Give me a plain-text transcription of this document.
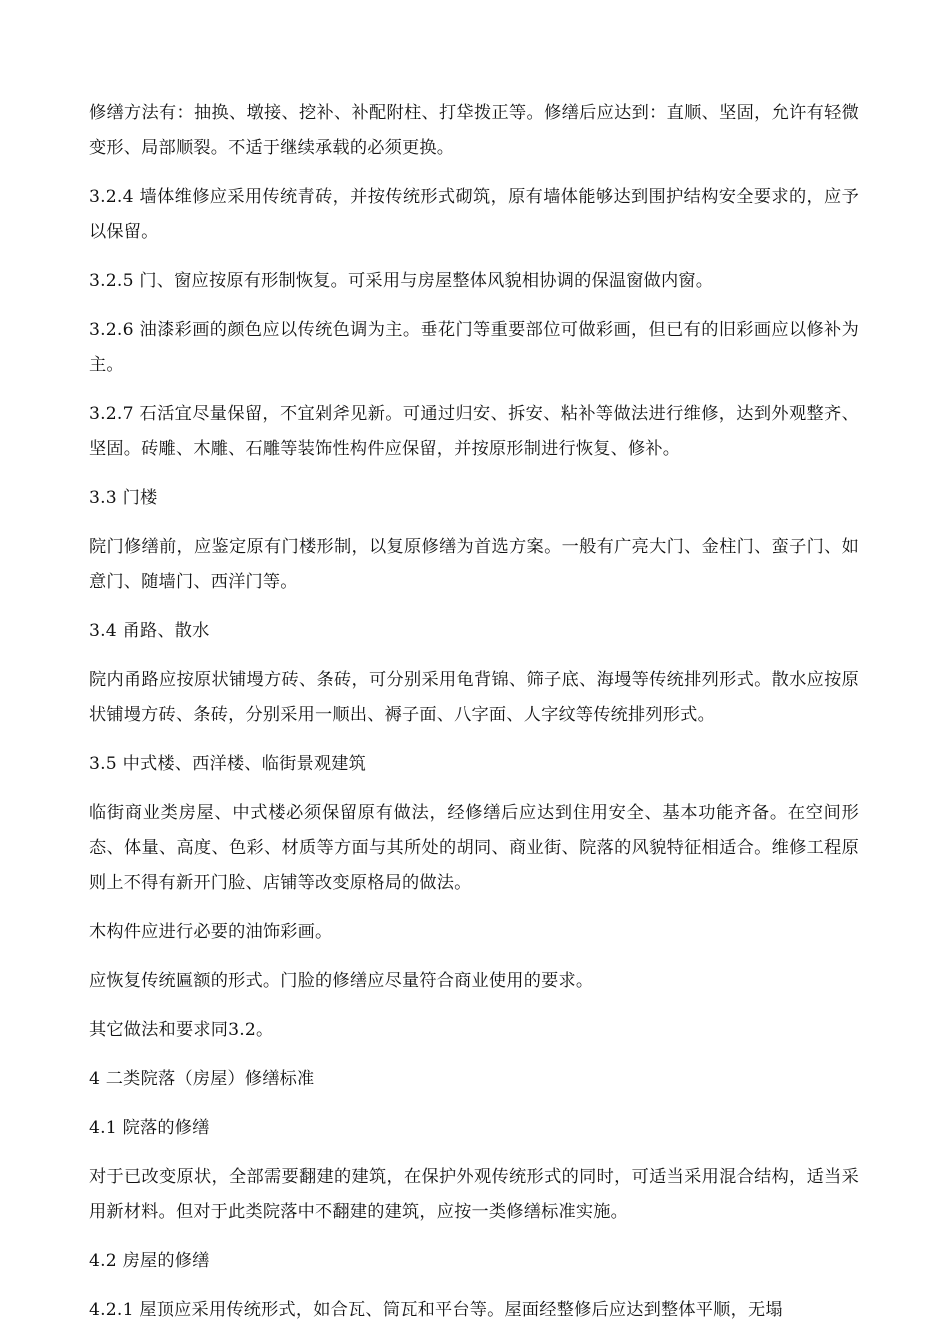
修缮方法有：抽换、墩接、挖补、补配附柱、打牮拨正等。修缮后应达到：直顺、坚固，允许有轻微变形、局部顺裂。不适于继续承载的必须更换。

3.2.4 墙体维修应采用传统青砖，并按传统形式砌筑，原有墙体能够达到围护结构安全要求的，应予以保留。

3.2.5 门、窗应按原有形制恢复。可采用与房屋整体风貌相协调的保温窗做内窗。

3.2.6 油漆彩画的颜色应以传统色调为主。垂花门等重要部位可做彩画，但已有的旧彩画应以修补为主。

3.2.7 石活宜尽量保留，不宜剁斧见新。可通过归安、拆安、粘补等做法进行维修，达到外观整齐、坚固。砖雕、木雕、石雕等装饰性构件应保留，并按原形制进行恢复、修补。

3.3 门楼

院门修缮前，应鉴定原有门楼形制，以复原修缮为首选方案。一般有广亮大门、金柱门、蛮子门、如意门、随墙门、西洋门等。

3.4 甬路、散水

院内甬路应按原状铺墁方砖、条砖，可分别采用龟背锦、筛子底、海墁等传统排列形式。散水应按原状铺墁方砖、条砖，分别采用一顺出、褥子面、八字面、人字纹等传统排列形式。

3.5 中式楼、西洋楼、临街景观建筑

临街商业类房屋、中式楼必须保留原有做法，经修缮后应达到住用安全、基本功能齐备。在空间形态、体量、高度、色彩、材质等方面与其所处的胡同、商业街、院落的风貌特征相适合。维修工程原则上不得有新开门脸、店铺等改变原格局的做法。

木构件应进行必要的油饰彩画。

应恢复传统匾额的形式。门脸的修缮应尽量符合商业使用的要求。

其它做法和要求同3.2。

4 二类院落（房屋）修缮标准

4.1 院落的修缮

对于已改变原状，全部需要翻建的建筑，在保护外观传统形式的同时，可适当采用混合结构，适当采用新材料。但对于此类院落中不翻建的建筑，应按一类修缮标准实施。

4.2 房屋的修缮

4.2.1 屋顶应采用传统形式，如合瓦、筒瓦和平台等。屋面经整修后应达到整体平顺，无塌
